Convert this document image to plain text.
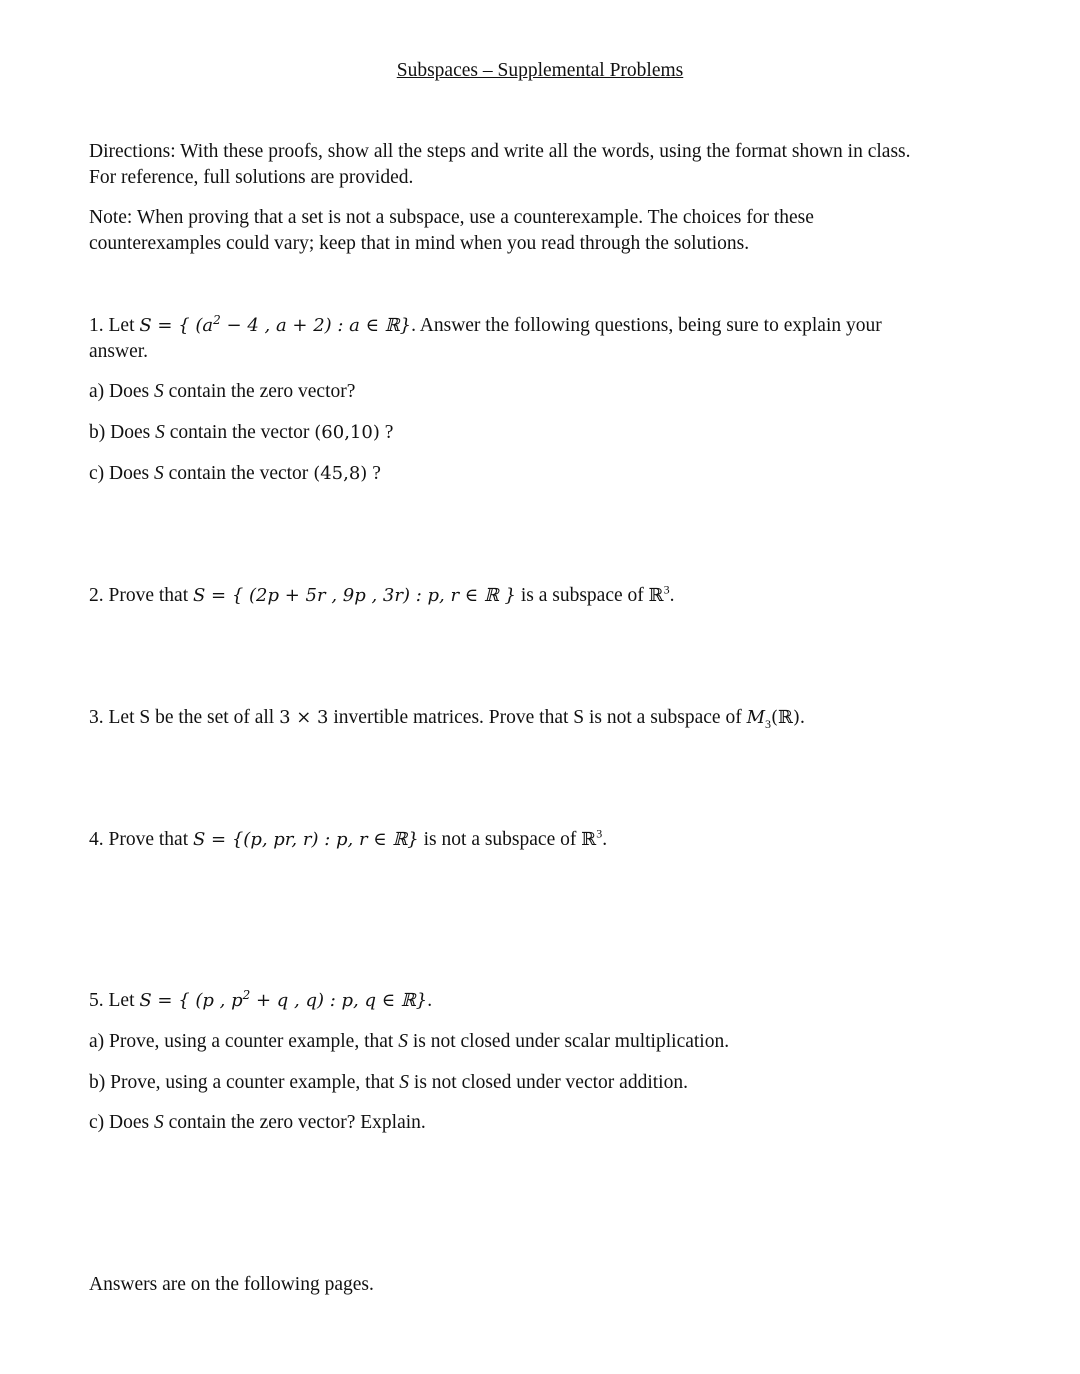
Subspaces – Supplemental Problems
Directions: With these proofs, show all the steps and write all the words, using the format shown in class.
For reference, full solutions are provided.
Note: When proving that a set is not a subspace, use a counterexample. The choices for these
counterexamples could vary; keep that in mind when you read through the solutions.
1. Let S = { ($a^2 - 4$ , a + 2) : a ∈ ℝ}. Answer the following questions, being sure to explain your
answer.
a) Does S contain the zero vector?
b) Does S contain the vector (60,10) ?
c) Does S contain the vector (45,8) ?
2. Prove that S = { (2p + 5r , 9p , 3r) : p, r ∈ ℝ } is a subspace of ℝ$^3$.
3. Let S be the set of all 3 × 3 invertible matrices. Prove that S is not a subspace of $M_3(ℝ)$.
4. Prove that S = {(p, pr, r) : p, r ∈ ℝ} is not a subspace of ℝ$^3$.
5. Let S = { (p , $p^2 + q$ , q) : p, q ∈ ℝ}.
a) Prove, using a counter example, that S is not closed under scalar multiplication.
b) Prove, using a counter example, that S is not closed under vector addition.
c) Does S contain the zero vector? Explain.
Answers are on the following pages.
